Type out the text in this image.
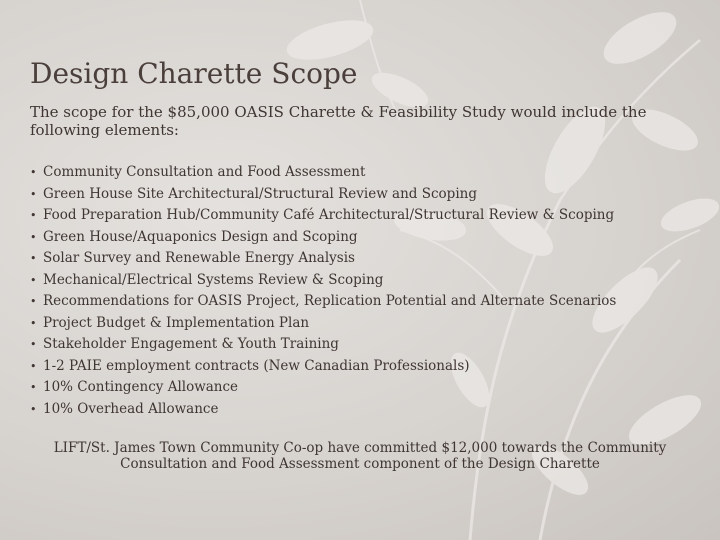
Design Charette Scope

The scope for the $85,000 OASIS Charette & Feasibility Study would include the following elements:

• Community Consultation and Food Assessment
• Green House Site Architectural/Structural Review and Scoping
• Food Preparation Hub/Community Café Architectural/Structural Review & Scoping
• Green House/Aquaponics Design and Scoping
• Solar Survey and Renewable Energy Analysis
• Mechanical/Electrical Systems Review & Scoping
• Recommendations for OASIS Project, Replication Potential and Alternate Scenarios
• Project Budget & Implementation Plan
• Stakeholder Engagement & Youth Training
• 1-2 PAIE employment contracts (New Canadian Professionals)
• 10% Contingency Allowance
• 10% Overhead Allowance

LIFT/St. James Town Community Co-op have committed $12,000 towards the Community Consultation and Food Assessment component of the Design Charette
